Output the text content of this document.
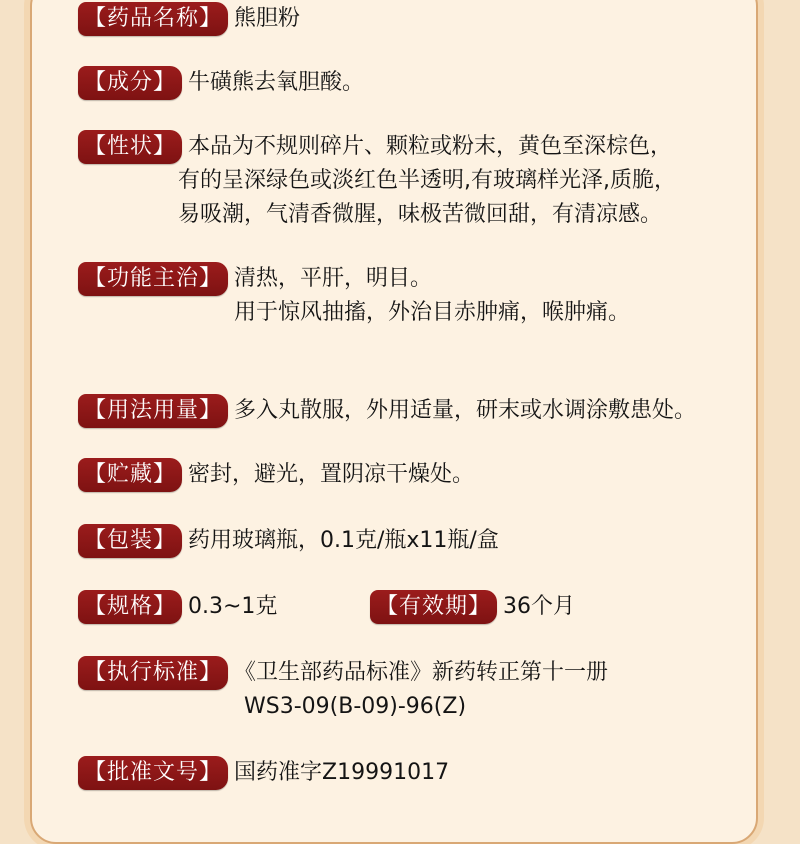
【药品名称】 熊胆粉
【成分】 牛磺熊去氧胆酸。
【性状】 本品为不规则碎片、颗粒或粉末，黄色至深棕色，
有的呈深绿色或淡红色半透明,有玻璃样光泽,质脆，
易吸潮，气清香微腥，味极苦微回甜，有清凉感。
【功能主治】 清热，平肝，明目。
用于惊风抽搐，外治目赤肿痛，喉肿痛。
【用法用量】 多入丸散服，外用适量，研末或水调涂敷患处。
【贮藏】 密封，避光，置阴凉干燥处。
【包装】 药用玻璃瓶，0.1克/瓶x11瓶/盒
【规格】 0.3~1克	【有效期】 36个月
【执行标准】 《卫生部药品标准》新药转正第十一册
WS3-09(B-09)-96(Z)
【批准文号】 国药准字Z19991017
